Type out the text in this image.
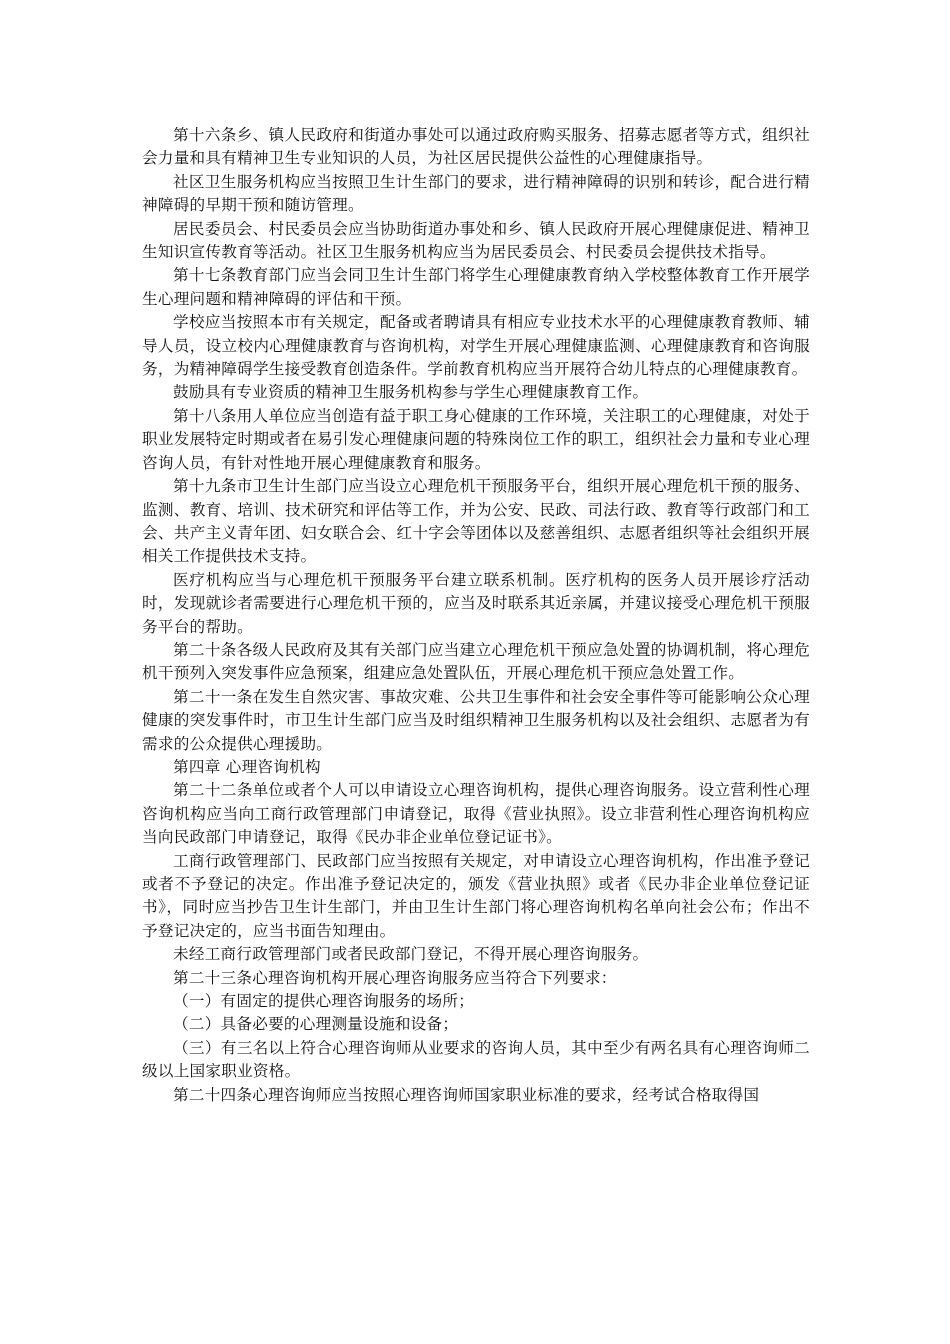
第十六条乡、镇人民政府和街道办事处可以通过政府购买服务、招募志愿者等方式，组织社会力量和具有精神卫生专业知识的人员，为社区居民提供公益性的心理健康指导。

社区卫生服务机构应当按照卫生计生部门的要求，进行精神障碍的识别和转诊，配合进行精神障碍的早期干预和随访管理。

居民委员会、村民委员会应当协助街道办事处和乡、镇人民政府开展心理健康促进、精神卫生知识宣传教育等活动。社区卫生服务机构应当为居民委员会、村民委员会提供技术指导。

第十七条教育部门应当会同卫生计生部门将学生心理健康教育纳入学校整体教育工作开展学生心理问题和精神障碍的评估和干预。

学校应当按照本市有关规定，配备或者聘请具有相应专业技术水平的心理健康教育教师、辅导人员，设立校内心理健康教育与咨询机构，对学生开展心理健康监测、心理健康教育和咨询服务，为精神障碍学生接受教育创造条件。学前教育机构应当开展符合幼儿特点的心理健康教育。

鼓励具有专业资质的精神卫生服务机构参与学生心理健康教育工作。

第十八条用人单位应当创造有益于职工身心健康的工作环境，关注职工的心理健康，对处于职业发展特定时期或者在易引发心理健康问题的特殊岗位工作的职工，组织社会力量和专业心理咨询人员，有针对性地开展心理健康教育和服务。

第十九条市卫生计生部门应当设立心理危机干预服务平台，组织开展心理危机干预的服务、监测、教育、培训、技术研究和评估等工作，并为公安、民政、司法行政、教育等行政部门和工会、共产主义青年团、妇女联合会、红十字会等团体以及慈善组织、志愿者组织等社会组织开展相关工作提供技术支持。

医疗机构应当与心理危机干预服务平台建立联系机制。医疗机构的医务人员开展诊疗活动时，发现就诊者需要进行心理危机干预的，应当及时联系其近亲属，并建议接受心理危机干预服务平台的帮助。

第二十条各级人民政府及其有关部门应当建立心理危机干预应急处置的协调机制，将心理危机干预列入突发事件应急预案，组建应急处置队伍，开展心理危机干预应急处置工作。

第二十一条在发生自然灾害、事故灾难、公共卫生事件和社会安全事件等可能影响公众心理健康的突发事件时，市卫生计生部门应当及时组织精神卫生服务机构以及社会组织、志愿者为有需求的公众提供心理援助。

第四章 心理咨询机构

第二十二条单位或者个人可以申请设立心理咨询机构，提供心理咨询服务。设立营利性心理咨询机构应当向工商行政管理部门申请登记，取得《营业执照》。设立非营利性心理咨询机构应当向民政部门申请登记，取得《民办非企业单位登记证书》。

工商行政管理部门、民政部门应当按照有关规定，对申请设立心理咨询机构，作出准予登记或者不予登记的决定。作出准予登记决定的，颁发《营业执照》或者《民办非企业单位登记证书》，同时应当抄告卫生计生部门，并由卫生计生部门将心理咨询机构名单向社会公布；作出不予登记决定的，应当书面告知理由。

未经工商行政管理部门或者民政部门登记，不得开展心理咨询服务。

第二十三条心理咨询机构开展心理咨询服务应当符合下列要求：

（一）有固定的提供心理咨询服务的场所；

（二）具备必要的心理测量设施和设备；

（三）有三名以上符合心理咨询师从业要求的咨询人员，其中至少有两名具有心理咨询师二级以上国家职业资格。

第二十四条心理咨询师应当按照心理咨询师国家职业标准的要求，经考试合格取得国
